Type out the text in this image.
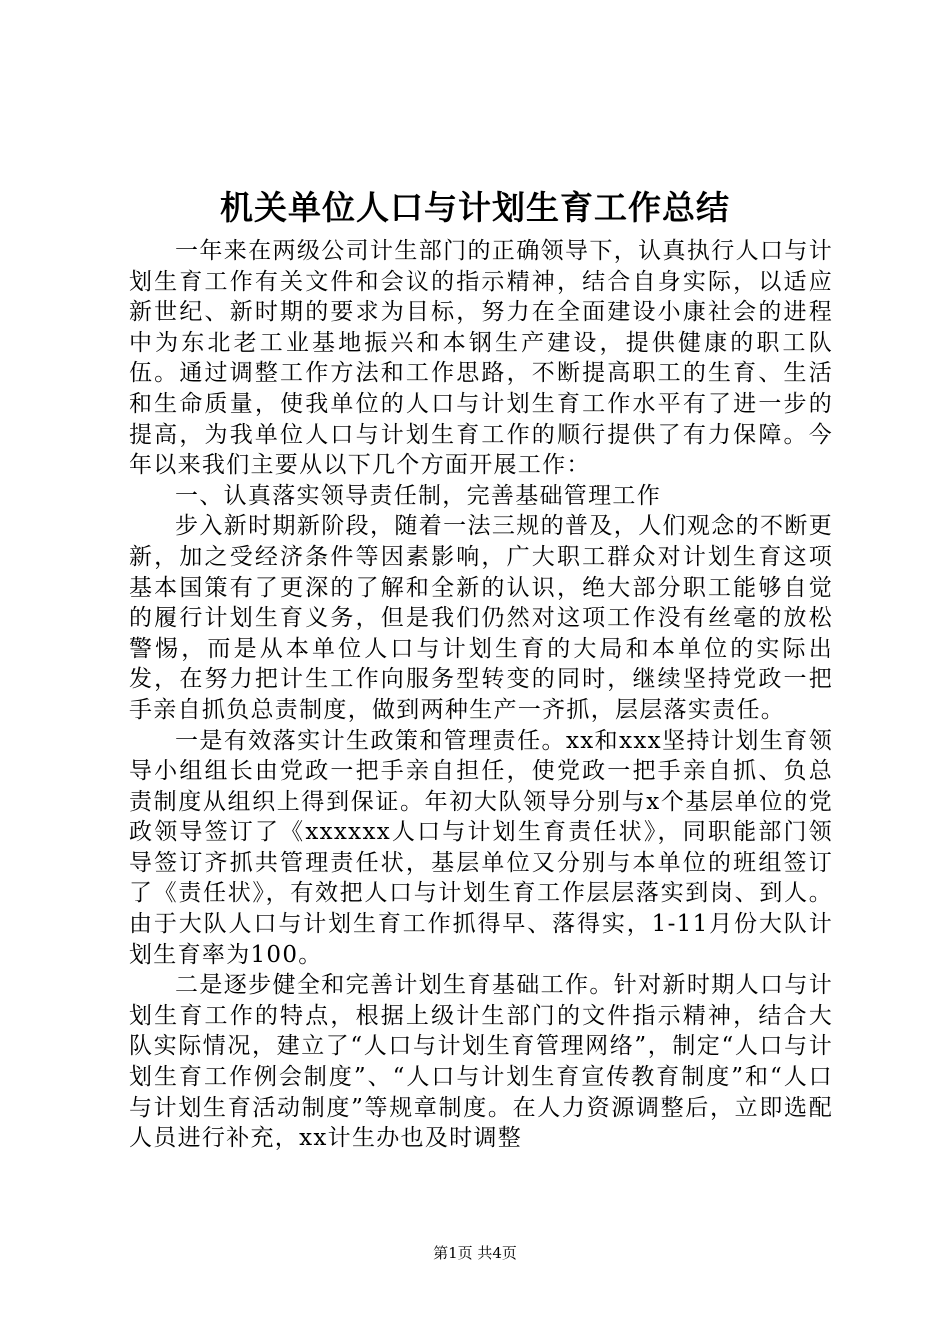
机关单位人口与计划生育工作总结

一年来在两级公司计生部门的正确领导下，认真执行人口与计划生育工作有关文件和会议的指示精神，结合自身实际，以适应新世纪、新时期的要求为目标，努力在全面建设小康社会的进程中为东北老工业基地振兴和本钢生产建设，提供健康的职工队伍。通过调整工作方法和工作思路，不断提高职工的生育、生活和生命质量，使我单位的人口与计划生育工作水平有了进一步的提高，为我单位人口与计划生育工作的顺行提供了有力保障。今年以来我们主要从以下几个方面开展工作：

一、认真落实领导责任制，完善基础管理工作

步入新时期新阶段，随着一法三规的普及，人们观念的不断更新，加之受经济条件等因素影响，广大职工群众对计划生育这项基本国策有了更深的了解和全新的认识，绝大部分职工能够自觉的履行计划生育义务，但是我们仍然对这项工作没有丝毫的放松警惕，而是从本单位人口与计划生育的大局和本单位的实际出发，在努力把计生工作向服务型转变的同时，继续坚持党政一把手亲自抓负总责制度，做到两种生产一齐抓，层层落实责任。

一是有效落实计生政策和管理责任。xx和xxx坚持计划生育领导小组组长由党政一把手亲自担任，使党政一把手亲自抓、负总责制度从组织上得到保证。年初大队领导分别与x个基层单位的党政领导签订了《xxxxxx人口与计划生育责任状》，同职能部门领导签订齐抓共管理责任状，基层单位又分别与本单位的班组签订了《责任状》，有效把人口与计划生育工作层层落实到岗、到人。由于大队人口与计划生育工作抓得早、落得实，1-11月份大队计划生育率为100。

二是逐步健全和完善计划生育基础工作。针对新时期人口与计划生育工作的特点，根据上级计生部门的文件指示精神，结合大队实际情况，建立了“人口与计划生育管理网络”，制定“人口与计划生育工作例会制度”、“人口与计划生育宣传教育制度”和“人口与计划生育活动制度”等规章制度。在人力资源调整后，立即选配人员进行补充，xx计生办也及时调整

第1页 共4页
